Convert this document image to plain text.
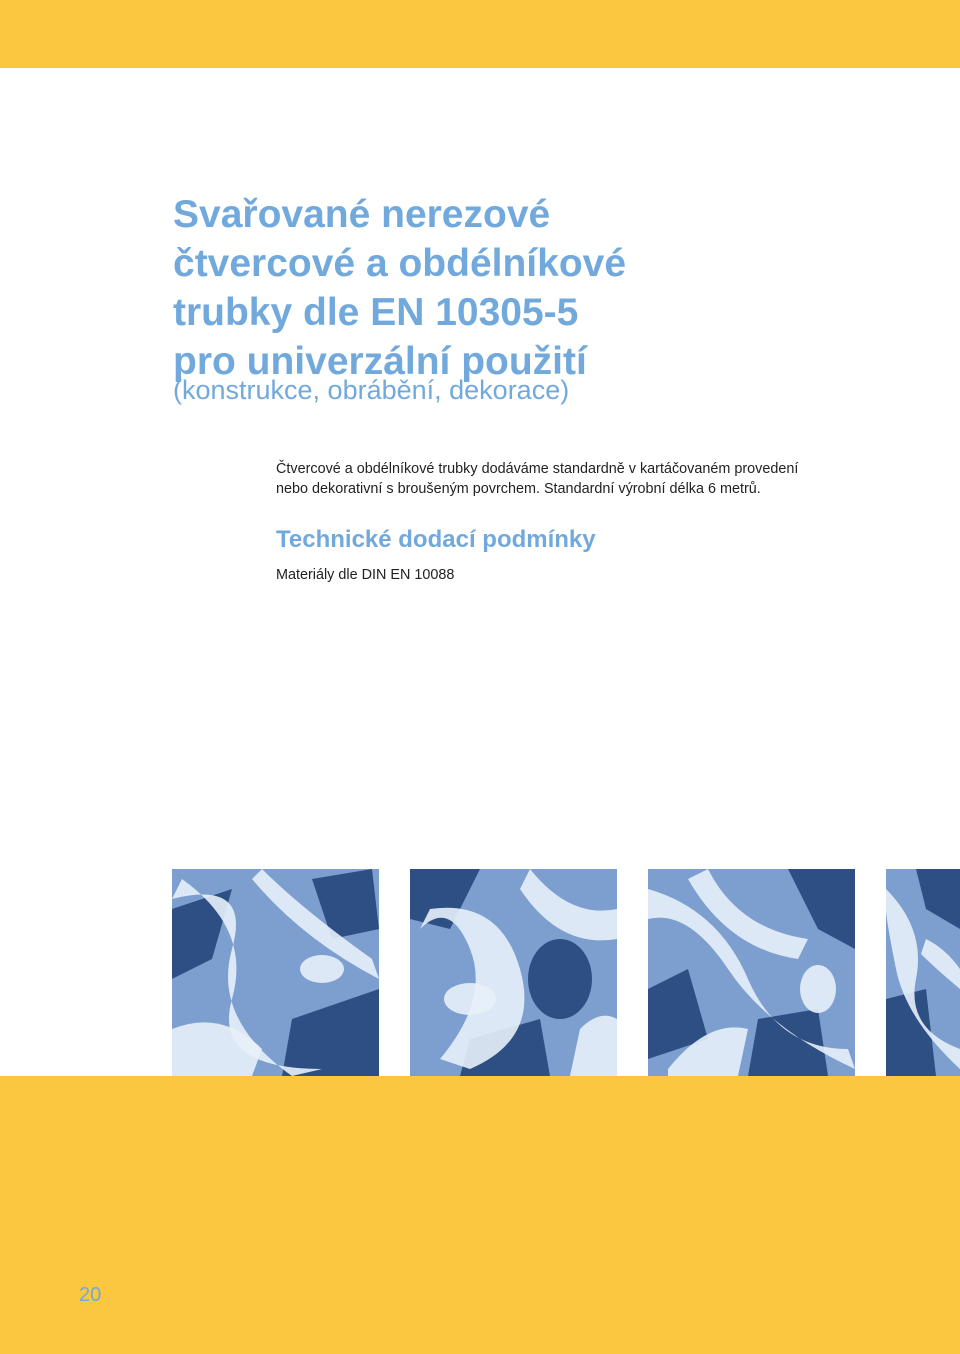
Svařované nerezové
čtvercové a obdélníkové
trubky dle EN 10305-5
pro univerzální použití

(konstrukce, obrábění, dekorace)

Čtvercové a obdélníkové trubky dodáváme standardně v kartáčovaném provedení
nebo dekorativní s broušeným povrchem. Standardní výrobní délka 6 metrů.

Technické dodací podmínky

Materiály dle DIN EN 10088

20
